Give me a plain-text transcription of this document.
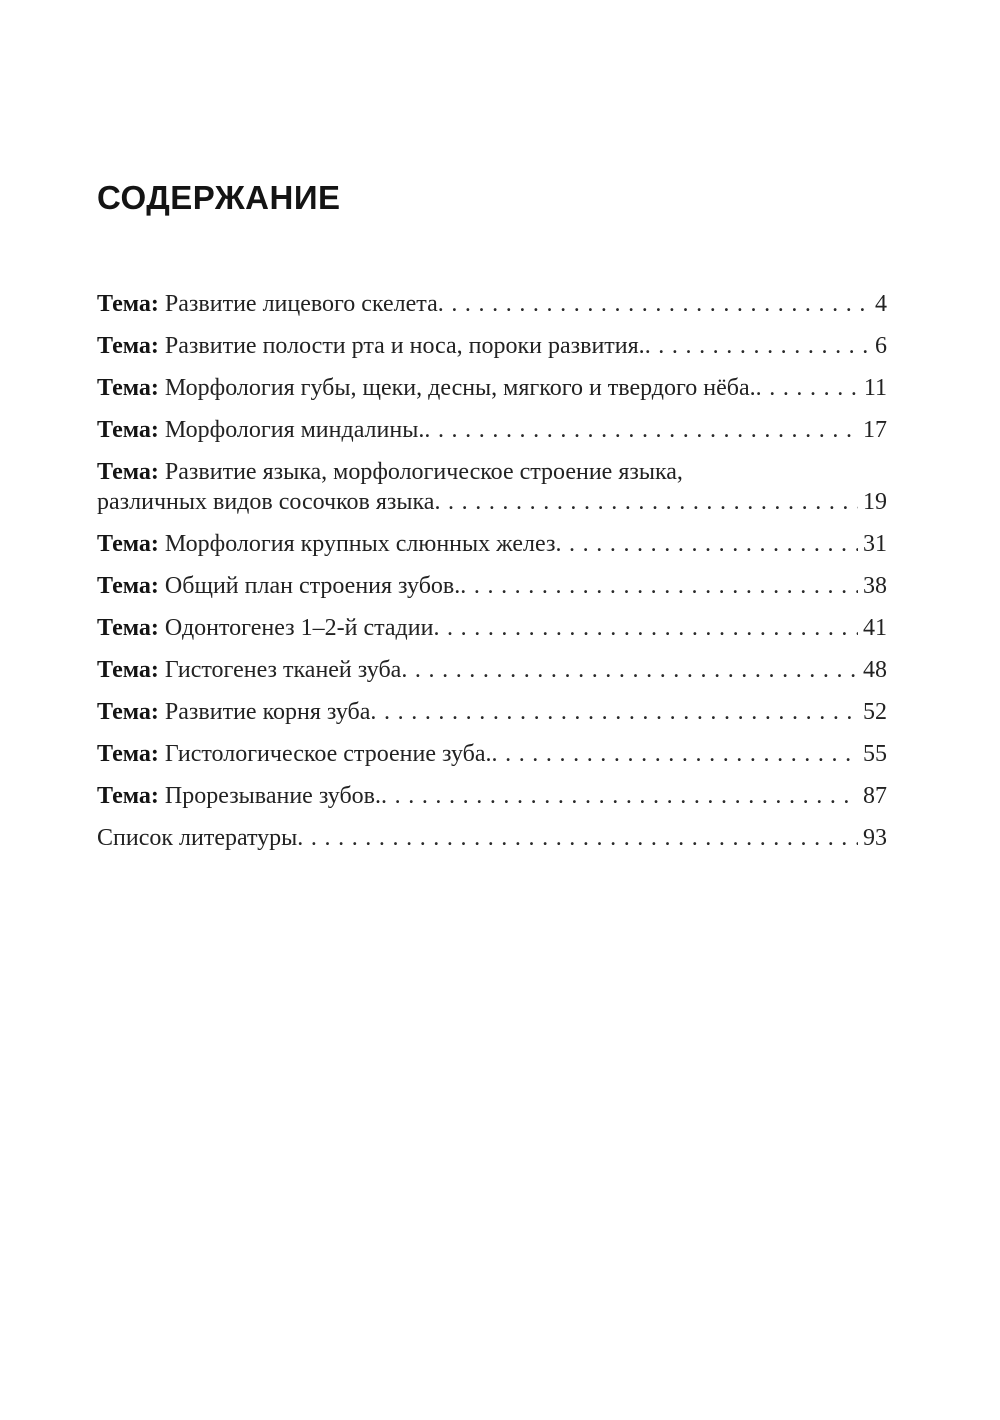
СОДЕРЖАНИЕ
Тема: Развитие лицевого скелета . . .	4
Тема: Развитие полости рта и носа, пороки развития. . . .	6
Тема: Морфология губы, щеки, десны, мягкого и твердого нёба. . . .	11
Тема: Морфология миндалины. . . .	17
Тема: Развитие языка, морфологическое строение языка,
различных видов сосочков языка . . .	19
Тема: Морфология крупных слюнных желез . . .	31
Тема: Общий план строения зубов. . . .	38
Тема: Одонтогенез 1–2-й стадии . . .	41
Тема: Гистогенез тканей зуба . . .	48
Тема: Развитие корня зуба . . .	52
Тема: Гистологическое строение зуба. . . .	55
Тема: Прорезывание зубов. . . .	87
Список литературы . . .	93
